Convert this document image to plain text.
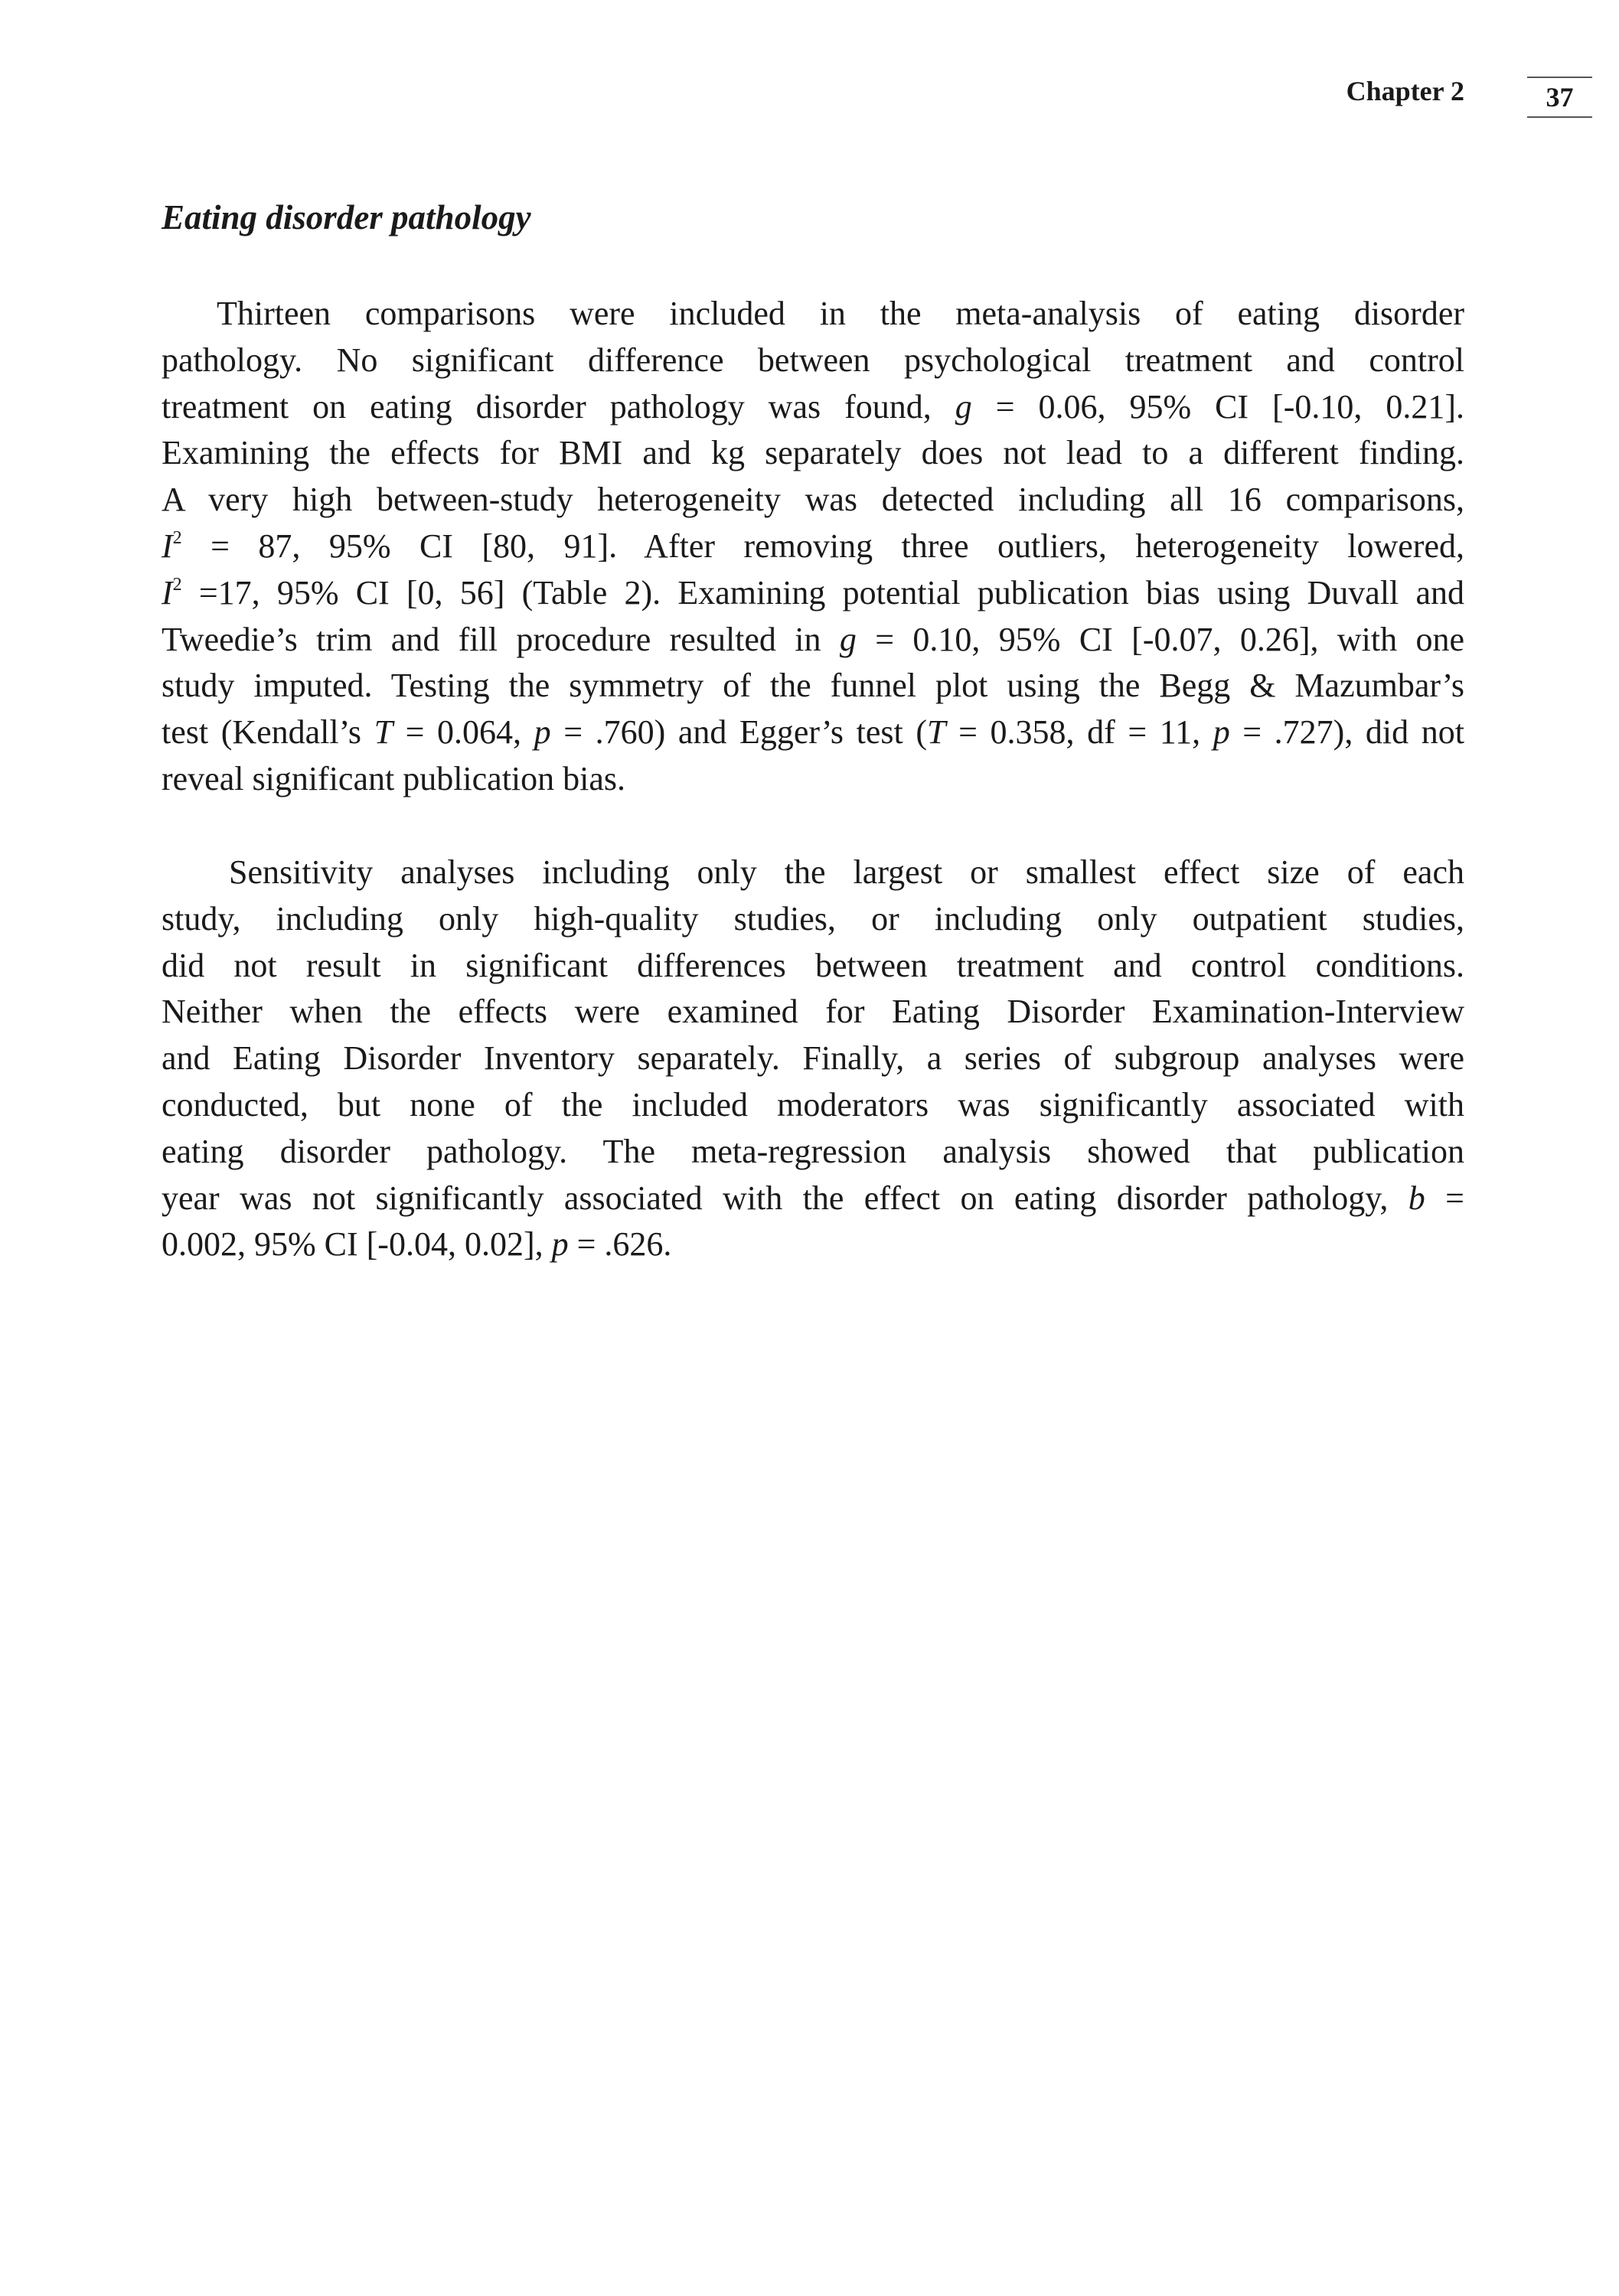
Chapter 2	37
Eating disorder pathology
Thirteen comparisons were included in the meta-analysis of eating disorder
pathology. No significant difference between psychological treatment and control
treatment on eating disorder pathology was found, g = 0.06, 95% CI [-0.10, 0.21].
Examining the effects for BMI and kg separately does not lead to a different finding.
A very high between-study heterogeneity was detected including all 16 comparisons,
$I^2 = 87$, 95% CI [80, 91]. After removing three outliers, heterogeneity lowered,
$I^2 =17$, 95% CI [0, 56] (Table 2). Examining potential publication bias using Duvall and
Tweedie’s trim and fill procedure resulted in g = 0.10, 95% CI [-0.07, 0.26], with one
study imputed. Testing the symmetry of the funnel plot using the Begg & Mazumbar’s
test (Kendall’s T = 0.064, p = .760) and Egger’s test (T = 0.358, df = 11, p = .727), did not
reveal significant publication bias.
Sensitivity analyses including only the largest or smallest effect size of each
study, including only high-quality studies, or including only outpatient studies,
did not result in significant differences between treatment and control conditions.
Neither when the effects were examined for Eating Disorder Examination-Interview
and Eating Disorder Inventory separately. Finally, a series of subgroup analyses were
conducted, but none of the included moderators was significantly associated with
eating disorder pathology. The meta-regression analysis showed that publication
year was not significantly associated with the effect on eating disorder pathology, b =
0.002, 95% CI [-0.04, 0.02], p = .626.
